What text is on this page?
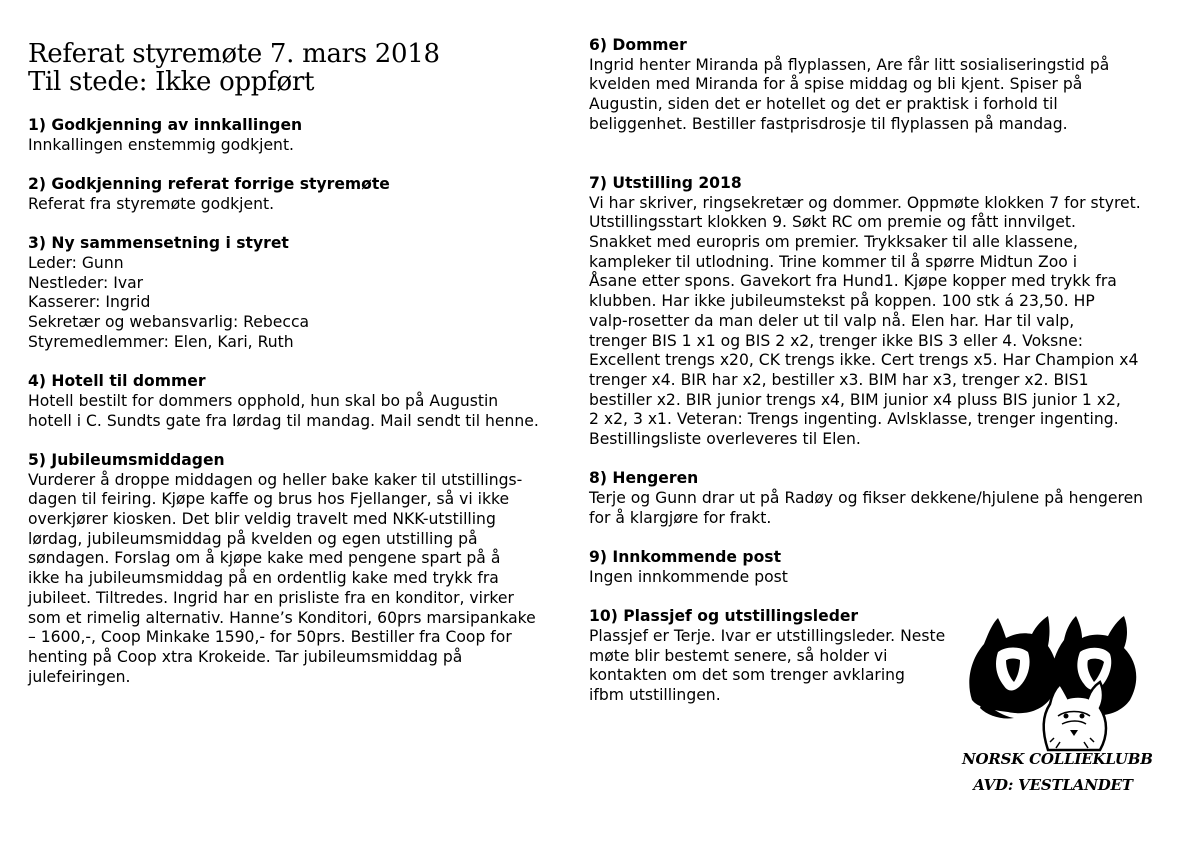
Referat styremøte 7. mars 2018
Til stede: Ikke oppført
1) Godkjenning av innkallingen
Innkallingen enstemmig godkjent.
2) Godkjenning referat forrige styremøte
Referat fra styremøte godkjent.
3) Ny sammensetning i styret
Leder: Gunn
Nestleder: Ivar
Kasserer: Ingrid
Sekretær og webansvarlig: Rebecca
Styremedlemmer: Elen, Kari, Ruth
4) Hotell til dommer
Hotell bestilt for dommers opphold, hun skal bo på Augustin
hotell i C. Sundts gate fra lørdag til mandag. Mail sendt til henne.
5) Jubileumsmiddagen
Vurderer å droppe middagen og heller bake kaker til utstillings-
dagen til feiring. Kjøpe kaffe og brus hos Fjellanger, så vi ikke
overkjører kiosken. Det blir veldig travelt med NKK-utstilling
lørdag, jubileumsmiddag på kvelden og egen utstilling på
søndagen. Forslag om å kjøpe kake med pengene spart på å
ikke ha jubileumsmiddag på en ordentlig kake med trykk fra
jubileet. Tiltredes. Ingrid har en prisliste fra en konditor, virker
som et rimelig alternativ. Hanne’s Konditori, 60prs marsipankake
– 1600,-, Coop Minkake 1590,- for 50prs. Bestiller fra Coop for
henting på Coop xtra Krokeide. Tar jubileumsmiddag på
julefeiringen.
6) Dommer
Ingrid henter Miranda på flyplassen, Are får litt sosialiseringstid på
kvelden med Miranda for å spise middag og bli kjent. Spiser på
Augustin, siden det er hotellet og det er praktisk i forhold til
beliggenhet. Bestiller fastprisdrosje til flyplassen på mandag.
7) Utstilling 2018
Vi har skriver, ringsekretær og dommer. Oppmøte klokken 7 for styret.
Utstillingsstart klokken 9. Søkt RC om premie og fått innvilget.
Snakket med europris om premier. Trykksaker til alle klassene,
kampleker til utlodning. Trine kommer til å spørre Midtun Zoo i
Åsane etter spons. Gavekort fra Hund1. Kjøpe kopper med trykk fra
klubben. Har ikke jubileumstekst på koppen. 100 stk á 23,50. HP
valp-rosetter da man deler ut til valp nå. Elen har. Har til valp,
trenger BIS 1 x1 og BIS 2 x2, trenger ikke BIS 3 eller 4. Voksne:
Excellent trengs x20, CK trengs ikke. Cert trengs x5. Har Champion x4
trenger x4. BIR har x2, bestiller x3. BIM har x3, trenger x2. BIS1
bestiller x2. BIR junior trengs x4, BIM junior x4 pluss BIS junior 1 x2,
2 x2, 3 x1. Veteran: Trengs ingenting. Avlsklasse, trenger ingenting.
Bestillingsliste overleveres til Elen.
8) Hengeren
Terje og Gunn drar ut på Radøy og fikser dekkene/hjulene på hengeren
for å klargjøre for frakt.
9) Innkommende post
Ingen innkommende post
10) Plassjef og utstillingsleder
Plassjef er Terje. Ivar er utstillingsleder. Neste
møte blir bestemt senere, så holder vi
kontakten om det som trenger avklaring
ifbm utstillingen.
NORSK COLLIEKLUBB
AVD: VESTLANDET
